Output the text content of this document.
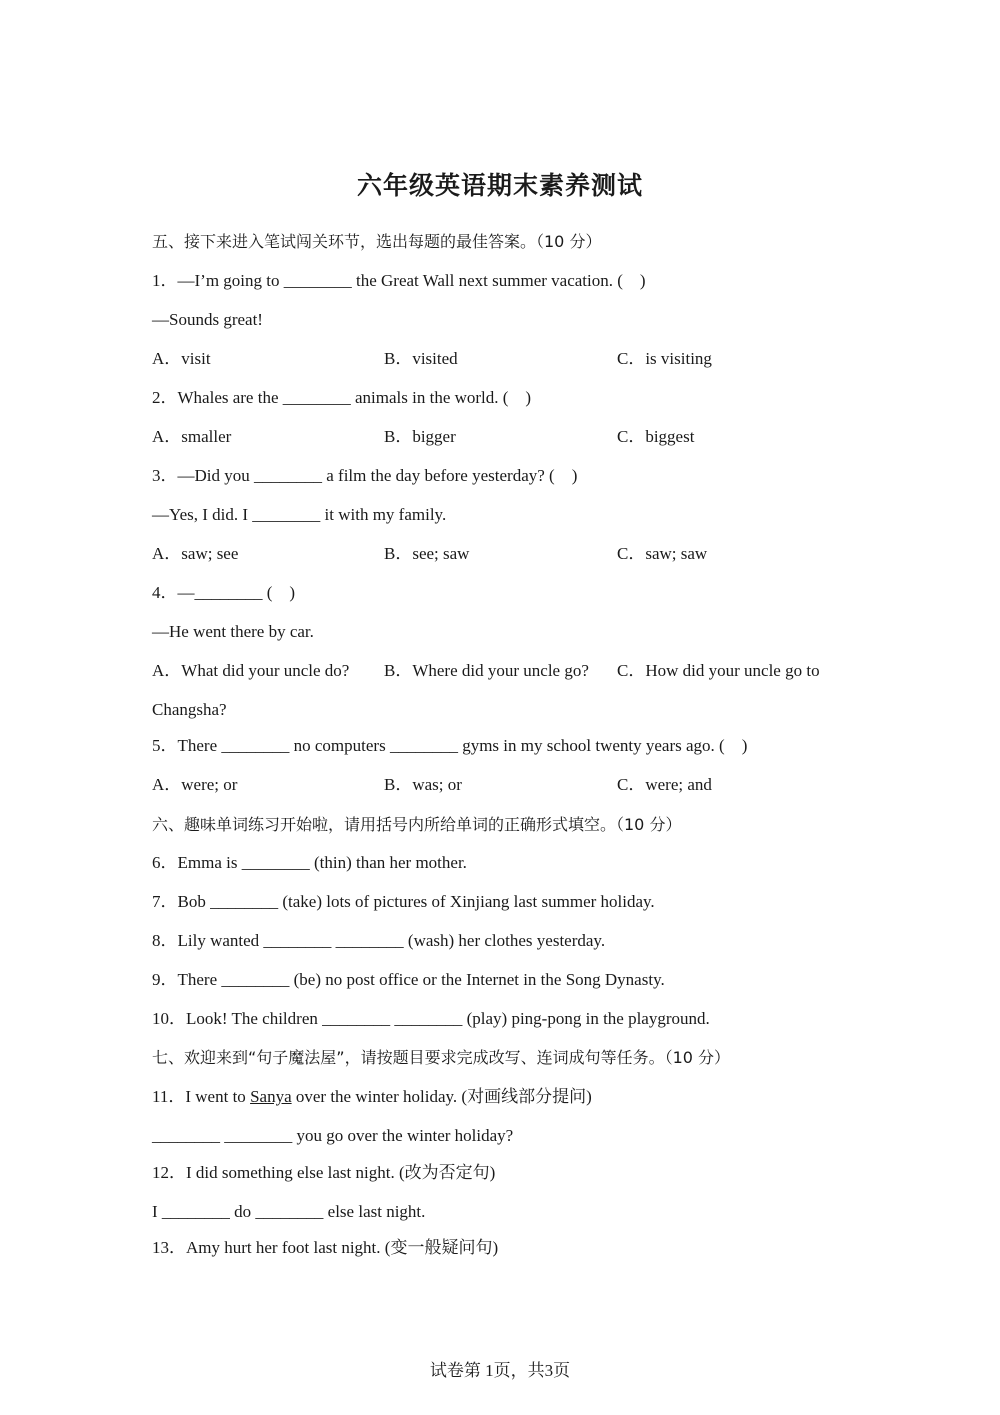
六年级英语期末素养测试
五、接下来进入笔试闯关环节，选出每题的最佳答案。（10 分）
1．—I’m going to ________ the Great Wall next summer vacation. (    )
—Sounds great!
A．visit	B．visited	C．is visiting
2．Whales are the ________ animals in the world. (    )
A．smaller	B．bigger	C．biggest
3．—Did you ________ a film the day before yesterday? (    )
—Yes, I did. I ________ it with my family.
A．saw; see	B．see; saw	C．saw; saw
4．—________ (    )
—He went there by car.
A．What did your uncle do? B．Where did your uncle go? C．How did your uncle go to
Changsha?
5．There ________ no computers ________ gyms in my school twenty years ago. (    )
A．were; or	B．was; or	C．were; and
六、趣味单词练习开始啦，请用括号内所给单词的正确形式填空。（10 分）
6．Emma is ________ (thin) than her mother.
7．Bob ________ (take) lots of pictures of Xinjiang last summer holiday.
8．Lily wanted ________ ________ (wash) her clothes yesterday.
9．There ________ (be) no post office or the Internet in the Song Dynasty.
10．Look! The children ________ ________ (play) ping-pong in the playground.
七、欢迎来到“句子魔法屋”，请按题目要求完成改写、连词成句等任务。（10 分）
11．I went to Sanya over the winter holiday. (对画线部分提问)
________ ________ you go over the winter holiday?
12．I did something else last night. (改为否定句)
I ________ do ________ else last night.
13．Amy hurt her foot last night. (变一般疑问句)
试卷第 1页，共3页
